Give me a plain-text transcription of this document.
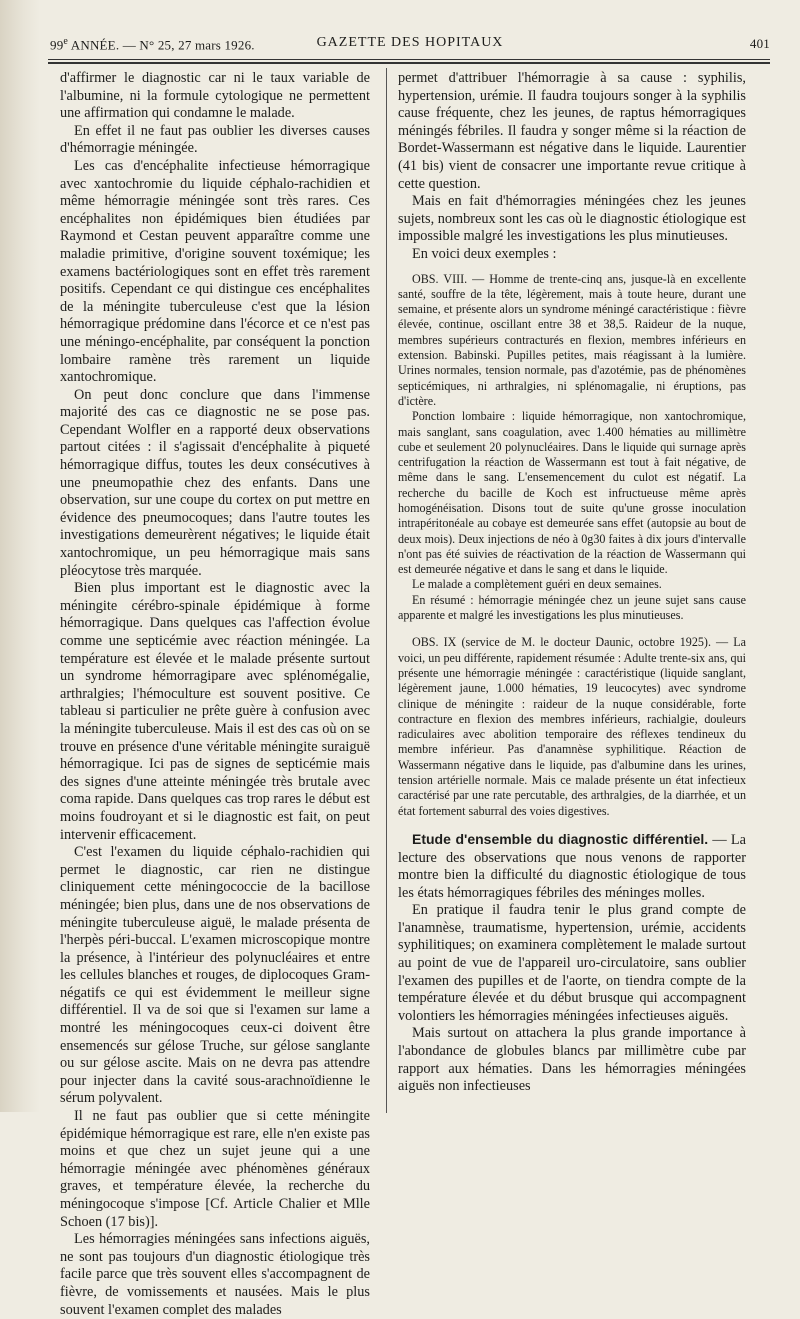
99e ANNÉE. — N° 25, 27 mars 1926.	GAZETTE DES HOPITAUX	401

d'affirmer le diagnostic car ni le taux variable de l'albumine, ni la formule cytologique ne permettent une affirmation qui condamne le malade.

En effet il ne faut pas oublier les diverses causes d'hémorragie méningée.

Les cas d'encéphalite infectieuse hémorragique avec xantochromie du liquide céphalo-rachidien et même hémorragie méningée sont très rares. Ces encéphalites non épidémiques bien étudiées par Raymond et Cestan peuvent apparaître comme une maladie primitive, d'origine souvent toxémique; les examens bactériologiques sont en effet très rarement positifs. Cependant ce qui distingue ces encéphalites de la méningite tuberculeuse c'est que la lésion hémorragique prédomine dans l'écorce et ce n'est pas une méningo-encéphalite, par conséquent la ponction lombaire ramène très rarement un liquide xantochromique.

On peut donc conclure que dans l'immense majorité des cas ce diagnostic ne se pose pas. Cependant Wolfler en a rapporté deux observations partout citées : il s'agissait d'encéphalite à piqueté hémorragique diffus, toutes les deux consécutives à une pneumopathie chez des enfants. Dans une observation, sur une coupe du cortex on put mettre en évidence des pneumocoques; dans l'autre toutes les investigations demeurèrent négatives; le liquide était xantochromique, un peu hémorragique mais sans pléocytose très marquée.

Bien plus important est le diagnostic avec la méningite cérébro-spinale épidémique à forme hémorragique. Dans quelques cas l'affection évolue comme une septicémie avec réaction méningée. La température est élevée et le malade présente surtout un syndrome hémorragipare avec splénomégalie, arthralgies; l'hémoculture est souvent positive. Ce tableau si particulier ne prête guère à confusion avec la méningite tuberculeuse. Mais il est des cas où on se trouve en présence d'une véritable méningite suraiguë hémorragique. Ici pas de signes de septicémie mais des signes d'une atteinte méningée très brutale avec coma rapide. Dans quelques cas trop rares le début est moins foudroyant et si le diagnostic est fait, on peut intervenir efficacement.

C'est l'examen du liquide céphalo-rachidien qui permet le diagnostic, car rien ne distingue cliniquement cette méningococcie de la bacillose méningée; bien plus, dans une de nos observations de méningite tuberculeuse aiguë, le malade présenta de l'herpès péri-buccal. L'examen microscopique montre la présence, à l'intérieur des polynucléaires et entre les cellules blanches et rouges, de diplocoques Gram-négatifs ce qui est évidemment le meilleur signe différentiel. Il va de soi que si l'examen sur lame a montré les méningocoques ceux-ci doivent être ensemencés sur gélose Truche, sur gélose sanglante ou sur gélose ascite. Mais on ne devra pas attendre pour injecter dans la cavité sous-arachnoïdienne le sérum polyvalent.

Il ne faut pas oublier que si cette méningite épidémique hémorragique est rare, elle n'en existe pas moins et que chez un sujet jeune qui a une hémorragie méningée avec phénomènes généraux graves, et température élevée, la recherche du méningocoque s'impose [Cf. Article Chalier et Mlle Schoen (17 bis)].

Les hémorragies méningées sans infections aiguës, ne sont pas toujours d'un diagnostic étiologique très facile parce que très souvent elles s'accompagnent de fièvre, de vomissements et nausées. Mais le plus souvent l'examen complet des malades

permet d'attribuer l'hémorragie à sa cause : syphilis, hypertension, urémie. Il faudra toujours songer à la syphilis cause fréquente, chez les jeunes, de raptus hémorragiques méningés fébriles. Il faudra y songer même si la réaction de Bordet-Wassermann est négative dans le liquide. Laurentier (41 bis) vient de consacrer une importante revue critique à cette question.

Mais en fait d'hémorragies méningées chez les jeunes sujets, nombreux sont les cas où le diagnostic étiologique est impossible malgré les investigations les plus minutieuses.

En voici deux exemples :

OBS. VIII. — Homme de trente-cinq ans, jusque-là en excellente santé, souffre de la tête, légèrement, mais à toute heure, durant une semaine, et présente alors un syndrome méningé caractéristique : fièvre élevée, continue, oscillant entre 38 et 38,5. Raideur de la nuque, membres supérieurs contracturés en flexion, membres inférieurs en extension. Babinski. Pupilles petites, mais réagissant à la lumière. Urines normales, tension normale, pas d'azotémie, pas de phénomènes septicémiques, ni arthralgies, ni splénomagalie, ni éruptions, pas d'ictère.

Ponction lombaire : liquide hémorragique, non xantochromique, mais sanglant, sans coagulation, avec 1.400 hématies au millimètre cube et seulement 20 polynucléaires. Dans le liquide qui surnage après centrifugation la réaction de Wassermann est tout à fait négative, de même dans le sang. L'ensemencement du culot est négatif. La recherche du bacille de Koch est infructueuse même après homogénéisation. Disons tout de suite qu'une grosse inoculation intrapéritonéale au cobaye est demeurée sans effet (autopsie au bout de deux mois). Deux injections de néo à 0g30 faites à dix jours d'intervalle n'ont pas été suivies de réactivation de la réaction de Wassermann qui est demeurée négative et dans le sang et dans le liquide.

Le malade a complètement guéri en deux semaines.

En résumé : hémorragie méningée chez un jeune sujet sans cause apparente et malgré les investigations les plus minutieuses.

OBS. IX (service de M. le docteur Daunic, octobre 1925). — La voici, un peu différente, rapidement résumée : Adulte trente-six ans, qui présente une hémorragie méningée : caractéristique (liquide sanglant, légèrement jaune, 1.000 hématies, 19 leucocytes) avec syndrome clinique de méningite : raideur de la nuque considérable, forte contracture en flexion des membres inférieurs, rachialgie, douleurs radiculaires avec abolition temporaire des réflexes tendineux du membre inférieur. Pas d'anamnèse syphilitique. Réaction de Wassermann négative dans le liquide, pas d'albumine dans les urines, tension artérielle normale. Mais ce malade présente un état infectieux caractérisé par une rate percutable, des arthralgies, de la diarrhée, et un état fortement saburral des voies digestives.

Etude d'ensemble du diagnostic différentiel. — La lecture des observations que nous venons de rapporter montre bien la difficulté du diagnostic étiologique de tous les états hémorragiques fébriles des méninges molles.

En pratique il faudra tenir le plus grand compte de l'anamnèse, traumatisme, hypertension, urémie, accidents syphilitiques; on examinera complètement le malade surtout au point de vue de l'appareil uro-circulatoire, sans oublier l'examen des pupilles et de l'aorte, on tiendra compte de la température élevée et du début brusque qui accompagnent volontiers les hémorragies méningées infectieuses aiguës.

Mais surtout on attachera la plus grande importance à l'abondance de globules blancs par millimètre cube par rapport aux hématies. Dans les hémorragies méningées aiguës non infectieuses
